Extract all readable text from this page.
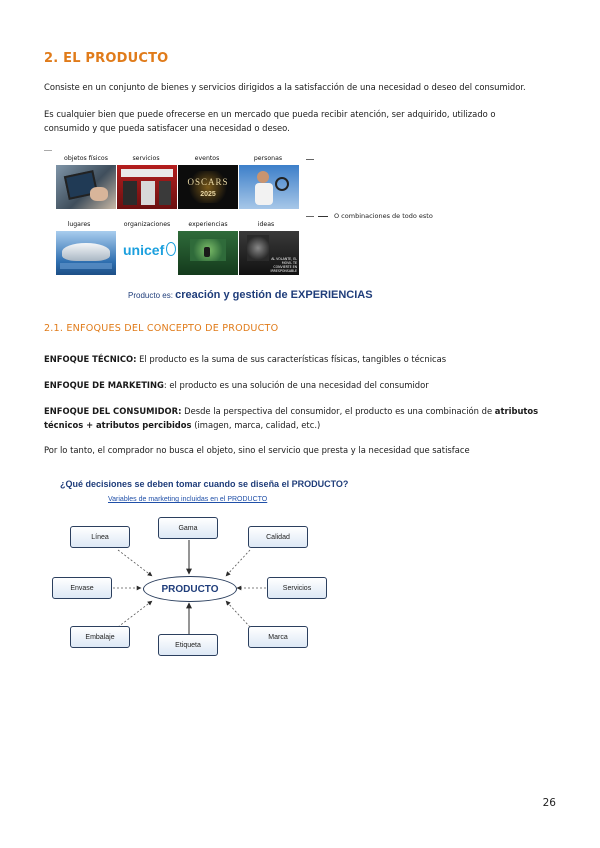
2. EL PRODUCTO
Consiste en un conjunto de bienes y servicios dirigidos a la satisfacción de una necesidad o deseo del consumidor.
Es cualquier bien que puede ofrecerse en un mercado que pueda recibir atención, ser adquirido, utilizado o consumido y que pueda satisfacer una necesidad o deseo.
objetos físicos	servicios	eventos	personas
OSCARS
2025
lugares	organizaciones	experiencias	ideas
unicef
AL VOLANTE, EL MÓVIL TE CONVIERTE EN IRRESPONSABLE
O combinaciones de todo esto
Producto es: creación y gestión de EXPERIENCIAS
2.1. ENFOQUES DEL CONCEPTO DE PRODUCTO
ENFOQUE TÉCNICO: El producto es la suma de sus características físicas, tangibles o técnicas
ENFOQUE DE MARKETING: el producto es una solución de una necesidad del consumidor
ENFOQUE DEL CONSUMIDOR: Desde la perspectiva del consumidor, el producto es una combinación de atributos técnicos + atributos percibidos (imagen, marca, calidad, etc.)
Por lo tanto, el comprador no busca el objeto, sino el servicio que presta y la necesidad que satisface
¿Qué decisiones se deben tomar cuando se diseña el PRODUCTO?
Variables de marketing incluidas en el PRODUCTO
Gama
Línea	Calidad
Envase	PRODUCTO	Servicios
Embalaje	Marca
Etiqueta
26
